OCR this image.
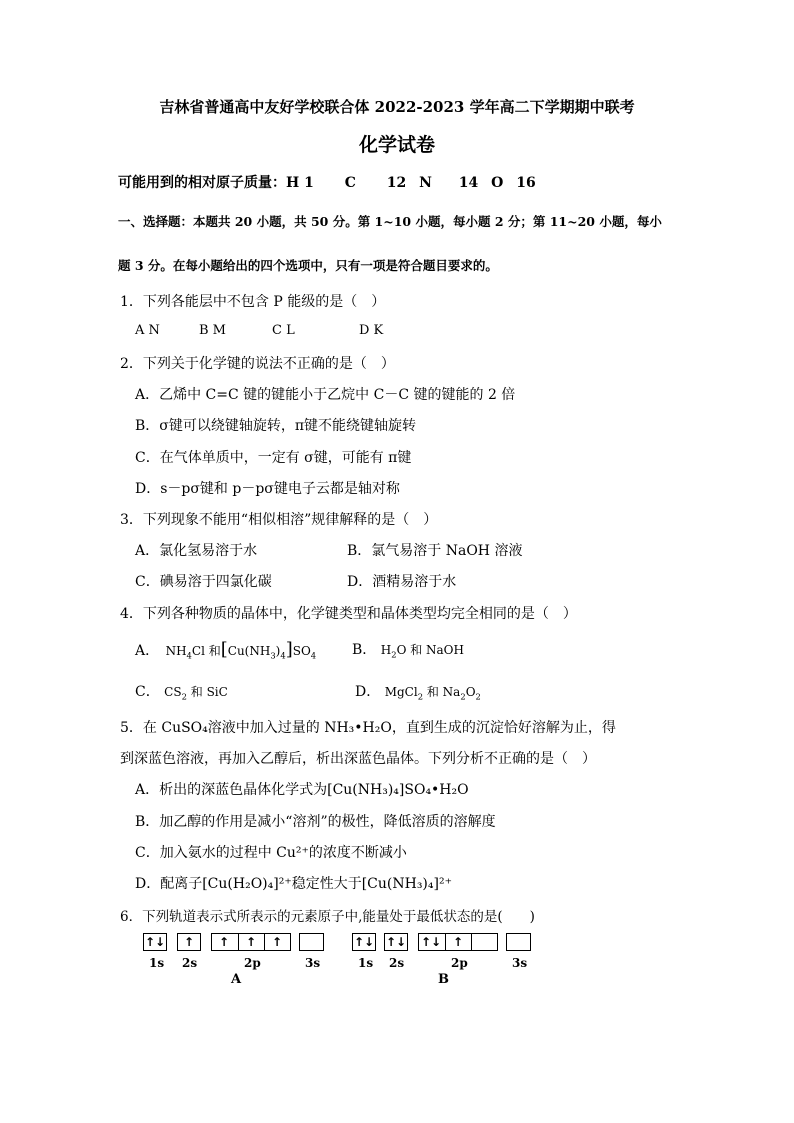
吉林省普通高中友好学校联合体 2022-2023 学年高二下学期期中联考
化学试卷
可能用到的相对原子质量：H 1 C 12 N 14 O 16
一、选择题：本题共 20 小题，共 50 分。第 1~10 小题，每小题 2 分；第 11~20 小题，每小
题 3 分。在每小题给出的四个选项中，只有一项是符合题目要求的。
1．下列各能层中不包含 P 能级的是（　）
A N	B M	C L	D K
2．下列关于化学键的说法不正确的是（　）
A．乙烯中 C=C 键的键能小于乙烷中 C－C 键的键能的 2 倍
B．σ键可以绕键轴旋转，π键不能绕键轴旋转
C．在气体单质中，一定有 σ键，可能有 π键
D．s－pσ键和 p－pσ键电子云都是轴对称
3．下列现象不能用“相似相溶”规律解释的是（　）
A．氯化氢易溶于水	B．氯气易溶于 NaOH 溶液
C．碘易溶于四氯化碳	D．酒精易溶于水
4．下列各种物质的晶体中，化学键类型和晶体类型均完全相同的是（　）
A． $NH_4Cl$ 和$[Cu(NH_3)_4]SO_4$	B． $H_2O$ 和 NaOH
C． $CS_2$ 和 SiC	D． MgCl$_2$ 和 $Na_2O_2$
5．在 CuSO₄溶液中加入过量的 NH₃•H₂O，直到生成的沉淀恰好溶解为止，得
到深蓝色溶液，再加入乙醇后，析出深蓝色晶体。下列分析不正确的是（　）
A．析出的深蓝色晶体化学式为[Cu(NH₃)₄]SO₄•H₂O
B．加乙醇的作用是减小“溶剂”的极性，降低溶质的溶解度
C．加入氨水的过程中 Cu²⁺的浓度不断减小
D．配离子[Cu(H₂O)₄]²⁺稳定性大于[Cu(NH₃)₄]²⁺
6．下列轨道表示式所表示的元素原子中,能量处于最低状态的是(　　)
↑↓	↑	↑	↑	↑
1s 2s	2p	3s
A
↑↓ ↑↓ ↑↓ ↑
1s 2s	2p	3s
B
